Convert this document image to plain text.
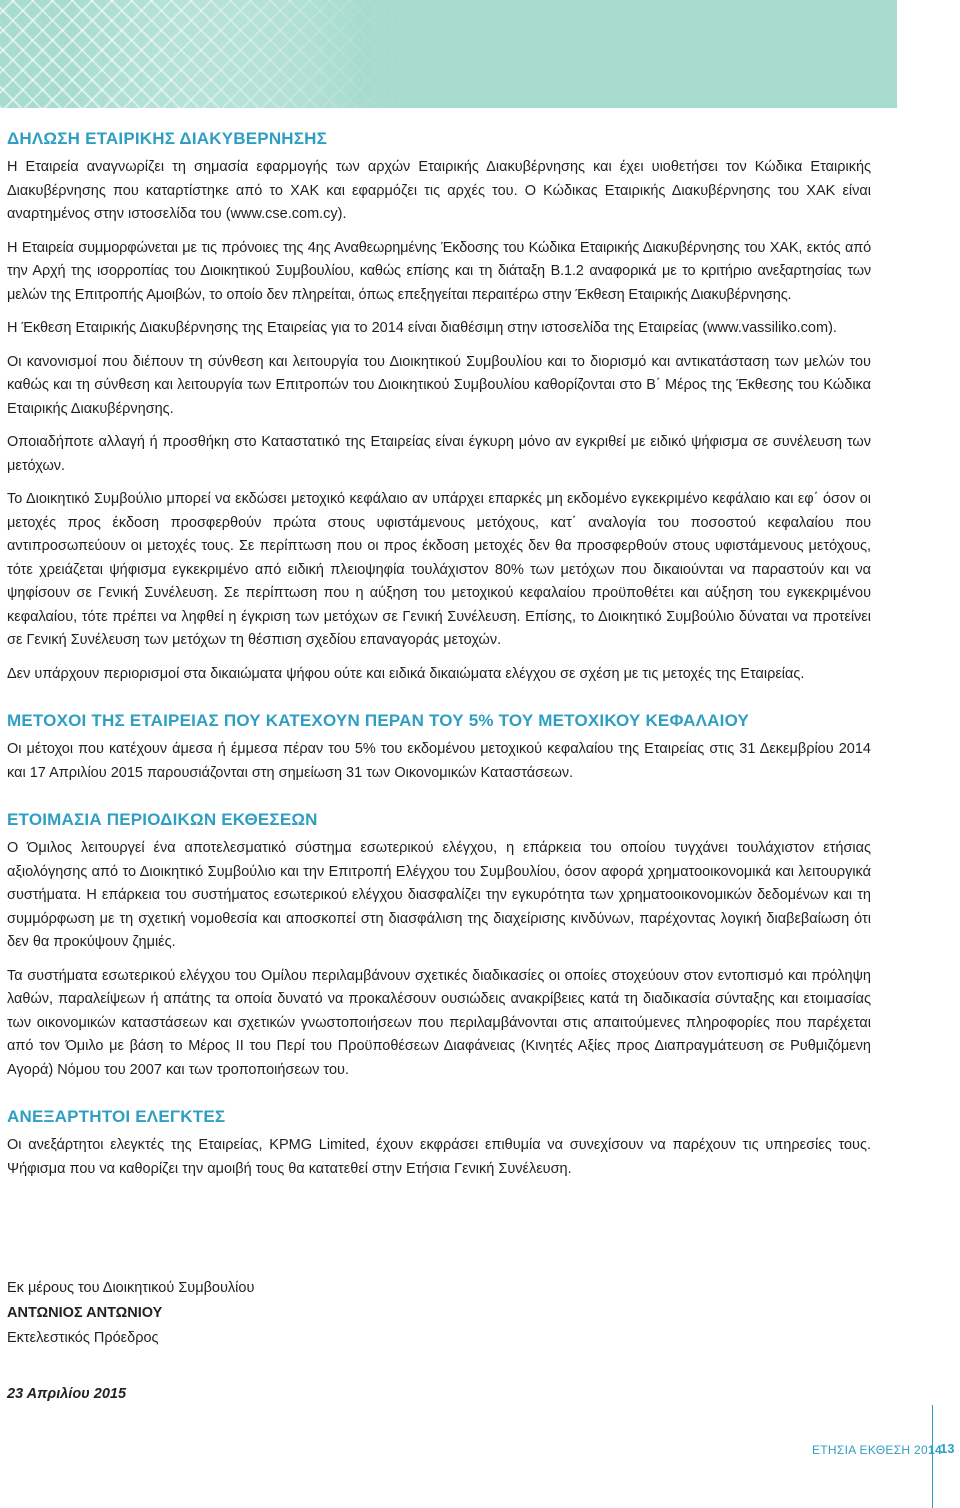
ΔΗΛΩΣΗ ΕΤΑΙΡΙΚΗΣ ΔΙΑΚΥΒΕΡΝΗΣΗΣ

Η Εταιρεία αναγνωρίζει τη σημασία εφαρμογής των αρχών Εταιρικής Διακυβέρνησης και έχει υιοθετήσει τον Κώδικα Εταιρικής Διακυβέρνησης που καταρτίστηκε από το ΧΑΚ και εφαρμόζει τις αρχές του. Ο Κώδικας Εταιρικής Διακυβέρνησης του ΧΑΚ είναι αναρτημένος στην ιστοσελίδα του (www.cse.com.cy).

Η Εταιρεία συμμορφώνεται με τις πρόνοιες της 4ης Αναθεωρημένης Έκδοσης του Κώδικα Εταιρικής Διακυβέρνησης του ΧΑΚ, εκτός από την Αρχή της ισορροπίας του Διοικητικού Συμβουλίου, καθώς επίσης και τη διάταξη Β.1.2 αναφορικά με το κριτήριο ανεξαρτησίας των μελών της Επιτροπής Αμοιβών, το οποίο δεν πληρείται, όπως επεξηγείται περαιτέρω στην Έκθεση Εταιρικής Διακυβέρνησης.

Η Έκθεση Εταιρικής Διακυβέρνησης της Εταιρείας για το 2014 είναι διαθέσιμη στην ιστοσελίδα της Εταιρείας (www.vassiliko.com).

Οι κανονισμοί που διέπουν τη σύνθεση και λειτουργία του Διοικητικού Συμβουλίου και το διορισμό και αντικατάσταση των μελών του καθώς και τη σύνθεση και λειτουργία των Επιτροπών του Διοικητικού Συμβουλίου καθορίζονται στο Β΄ Μέρος της Έκθεσης του Κώδικα Εταιρικής Διακυβέρνησης.

Οποιαδήποτε αλλαγή ή προσθήκη στο Καταστατικό της Εταιρείας είναι έγκυρη μόνο αν εγκριθεί με ειδικό ψήφισμα σε συνέλευση των μετόχων.

Το Διοικητικό Συμβούλιο μπορεί να εκδώσει μετοχικό κεφάλαιο αν υπάρχει επαρκές μη εκδομένο εγκεκριμένο κεφάλαιο και εφ΄ όσον οι μετοχές προς έκδοση προσφερθούν πρώτα στους υφιστάμενους μετόχους, κατ΄ αναλογία του ποσοστού κεφαλαίου που αντιπροσωπεύουν οι μετοχές τους. Σε περίπτωση που οι προς έκδοση μετοχές δεν θα προσφερθούν στους υφιστάμενους μετόχους, τότε χρειάζεται ψήφισμα εγκεκριμένο από ειδική πλειοψηφία τουλάχιστον 80% των μετόχων που δικαιούνται να παραστούν και να ψηφίσουν σε Γενική Συνέλευση. Σε περίπτωση που η αύξηση του μετοχικού κεφαλαίου προϋποθέτει και αύξηση του εγκεκριμένου κεφαλαίου, τότε πρέπει να ληφθεί η έγκριση των μετόχων σε Γενική Συνέλευση. Επίσης, το Διοικητικό Συμβούλιο δύναται να προτείνει σε Γενική Συνέλευση των μετόχων τη θέσπιση σχεδίου επαναγοράς μετοχών.

Δεν υπάρχουν περιορισμοί στα δικαιώματα ψήφου ούτε και ειδικά δικαιώματα ελέγχου σε σχέση με τις μετοχές της Εταιρείας.

ΜΕΤΟΧΟΙ ΤΗΣ ΕΤΑΙΡΕΙΑΣ ΠΟΥ ΚΑΤΕΧΟΥΝ ΠΕΡΑΝ ΤΟΥ 5% ΤΟΥ ΜΕΤΟΧΙΚΟΥ ΚΕΦΑΛΑΙΟΥ

Οι μέτοχοι που κατέχουν άμεσα ή έμμεσα πέραν του 5% του εκδομένου μετοχικού κεφαλαίου της Εταιρείας στις 31 Δεκεμβρίου 2014 και 17 Απριλίου 2015 παρουσιάζονται στη σημείωση 31 των Οικονομικών Καταστάσεων.

ΕΤΟΙΜΑΣΙΑ ΠΕΡΙΟΔΙΚΩΝ ΕΚΘΕΣΕΩΝ

Ο Όμιλος λειτουργεί ένα αποτελεσματικό σύστημα εσωτερικού ελέγχου, η επάρκεια του οποίου τυγχάνει τουλάχιστον ετήσιας αξιολόγησης από το Διοικητικό Συμβούλιο και την Επιτροπή Ελέγχου του Συμβουλίου, όσον αφορά χρηματοοικονομικά και λειτουργικά συστήματα. Η επάρκεια του συστήματος εσωτερικού ελέγχου διασφαλίζει την εγκυρότητα των χρηματοοικονομικών δεδομένων και τη συμμόρφωση με τη σχετική νομοθεσία και αποσκοπεί στη διασφάλιση της διαχείρισης κινδύνων, παρέχοντας λογική διαβεβαίωση ότι δεν θα προκύψουν ζημιές.

Τα συστήματα εσωτερικού ελέγχου του Ομίλου περιλαμβάνουν σχετικές διαδικασίες οι οποίες στοχεύουν στον εντοπισμό και πρόληψη λαθών, παραλείψεων ή απάτης τα οποία δυνατό να προκαλέσουν ουσιώδεις ανακρίβειες κατά τη διαδικασία σύνταξης και ετοιμασίας των οικονομικών καταστάσεων και σχετικών γνωστοποιήσεων που περιλαμβάνονται στις απαιτούμενες πληροφορίες που παρέχεται από τον Όμιλο με βάση το Μέρος ΙΙ του Περί του Προϋποθέσεων Διαφάνειας (Κινητές Αξίες προς Διαπραγμάτευση σε Ρυθμιζόμενη Αγορά) Νόμου του 2007 και των τροποποιήσεων του.

ΑΝΕΞΑΡΤΗΤΟΙ ΕΛΕΓΚΤΕΣ

Οι ανεξάρτητοι ελεγκτές της Εταιρείας, KPMG Limited, έχουν εκφράσει επιθυμία να συνεχίσουν να παρέχουν τις υπηρεσίες τους. Ψήφισμα που να καθορίζει την αμοιβή τους θα κατατεθεί στην Ετήσια Γενική Συνέλευση.

Εκ μέρους του Διοικητικού Συμβουλίου
ΑΝΤΩΝΙΟΣ ΑΝΤΩΝΙΟΥ
Εκτελεστικός Πρόεδρος
23 Απριλίου 2015
ΕΤΗΣΙΑ ΕΚΘΕΣΗ 2014
13
